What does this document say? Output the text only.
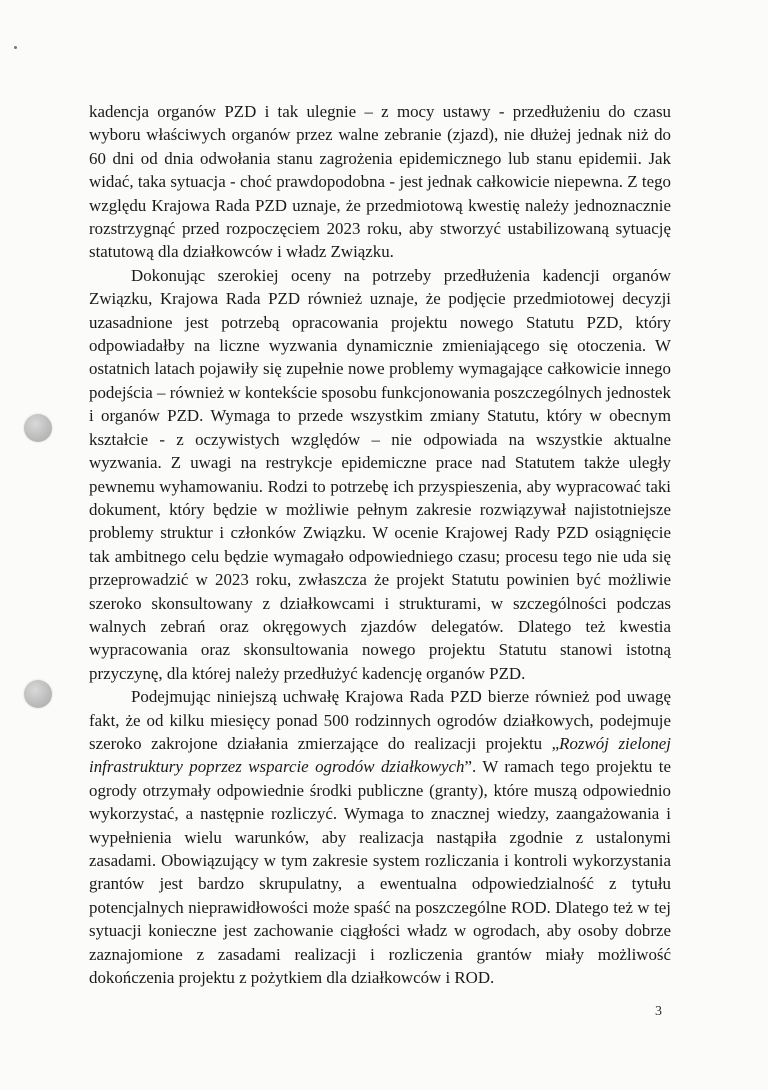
kadencja organów PZD i tak ulegnie – z mocy ustawy - przedłużeniu do czasu wyboru właściwych organów przez walne zebranie (zjazd), nie dłużej jednak niż do 60 dni od dnia odwołania stanu zagrożenia epidemicznego lub stanu epidemii. Jak widać, taka sytuacja - choć prawdopodobna - jest jednak całkowicie niepewna. Z tego względu Krajowa Rada PZD uznaje, że przedmiotową kwestię należy jednoznacznie rozstrzygnąć przed rozpoczęciem 2023 roku, aby stworzyć ustabilizowaną sytuację statutową dla działkowców i władz Związku.

Dokonując szerokiej oceny na potrzeby przedłużenia kadencji organów Związku, Krajowa Rada PZD również uznaje, że podjęcie przedmiotowej decyzji uzasadnione jest potrzebą opracowania projektu nowego Statutu PZD, który odpowiadałby na liczne wyzwania dynamicznie zmieniającego się otoczenia. W ostatnich latach pojawiły się zupełnie nowe problemy wymagające całkowicie innego podejścia – również w kontekście sposobu funkcjonowania poszczególnych jednostek i organów PZD. Wymaga to przede wszystkim zmiany Statutu, który w obecnym kształcie - z oczywistych względów – nie odpowiada na wszystkie aktualne wyzwania. Z uwagi na restrykcje epidemiczne prace nad Statutem także uległy pewnemu wyhamowaniu. Rodzi to potrzebę ich przyspieszenia, aby wypracować taki dokument, który będzie w możliwie pełnym zakresie rozwiązywał najistotniejsze problemy struktur i członków Związku. W ocenie Krajowej Rady PZD osiągnięcie tak ambitnego celu będzie wymagało odpowiedniego czasu; procesu tego nie uda się przeprowadzić w 2023 roku, zwłaszcza że projekt Statutu powinien być możliwie szeroko skonsultowany z działkowcami i strukturami, w szczególności podczas walnych zebrań oraz okręgowych zjazdów delegatów. Dlatego też kwestia wypracowania oraz skonsultowania nowego projektu Statutu stanowi istotną przyczynę, dla której należy przedłużyć kadencję organów PZD.

Podejmując niniejszą uchwałę Krajowa Rada PZD bierze również pod uwagę fakt, że od kilku miesięcy ponad 500 rodzinnych ogrodów działkowych, podejmuje szeroko zakrojone działania zmierzające do realizacji projektu „Rozwój zielonej infrastruktury poprzez wsparcie ogrodów działkowych”. W ramach tego projektu te ogrody otrzymały odpowiednie środki publiczne (granty), które muszą odpowiednio wykorzystać, a następnie rozliczyć. Wymaga to znacznej wiedzy, zaangażowania i wypełnienia wielu warunków, aby realizacja nastąpiła zgodnie z ustalonymi zasadami. Obowiązujący w tym zakresie system rozliczania i kontroli wykorzystania grantów jest bardzo skrupulatny, a ewentualna odpowiedzialność z tytułu potencjalnych nieprawidłowości może spaść na poszczególne ROD. Dlatego też w tej sytuacji konieczne jest zachowanie ciągłości władz w ogrodach, aby osoby dobrze zaznajomione z zasadami realizacji i rozliczenia grantów miały możliwość dokończenia projektu z pożytkiem dla działkowców i ROD.

3
